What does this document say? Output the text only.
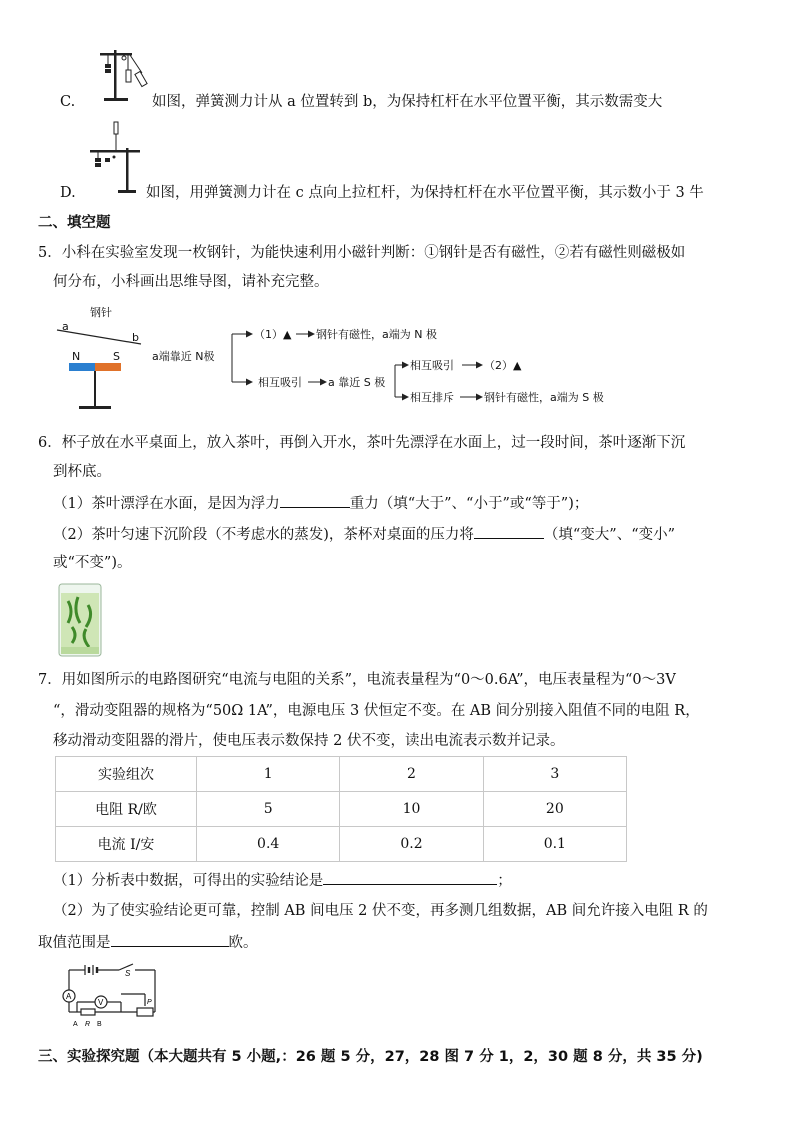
C.	如图，弹簧测力计从 a 位置转到 b，为保持杠杆在水平位置平衡，其示数需变大
D.	如图，用弹簧测力计在 c 点向上拉杠杆，为保持杠杆在水平位置平衡，其示数小于 3 牛
二、填空题
5．小科在实验室发现一枚钢针，为能快速利用小磁针判断：①钢针是否有磁性，②若有磁性则磁极如
何分布，小科画出思维导图，请补充完整。
钢针
a
b
N	S	a端靠近 N极
（1）▲ 钢针有磁性，a端为 N 极
相互吸引 a 靠近 S 极
相互吸引	（2）▲
相互排斥	钢针有磁性，a端为 S 极
6．杯子放在水平桌面上，放入茶叶，再倒入开水，茶叶先漂浮在水面上，过一段时间，茶叶逐渐下沉
到杯底。
（1）茶叶漂浮在水面，是因为浮力	重力（填“大于”、“小于”或“等于”)；
（2）茶叶匀速下沉阶段（不考虑水的蒸发)，茶杯对桌面的压力将	（填“变大”、“变小”
或“不变”)。
7．用如图所示的电路图研究“电流与电阻的关系”，电流表量程为“0～0.6A”，电压表量程为“0～3V
“，滑动变阻器的规格为“50Ω 1A”，电源电压 3 伏恒定不变。在 AB 间分别接入阻值不同的电阻 R，
移动滑动变阻器的滑片，使电压表示数保持 2 伏不变，读出电流表示数并记录。
实验组次	1	2	3
电阻 R/欧	5	10	20
电流 I/安	0.4	0.2	0.1
（1）分析表中数据，可得出的实验结论是	；
（2）为了使实验结论更可靠，控制 AB 间电压 2 伏不变，再多测几组数据，AB 间允许接入电阻 R 的
取值范围是	欧。
S
A
V
A R B
P
三、实验探究题（本大题共有 5 小题,：26 题 5 分，27，28 图 7 分 1，2，30 题 8 分，共 35 分)
